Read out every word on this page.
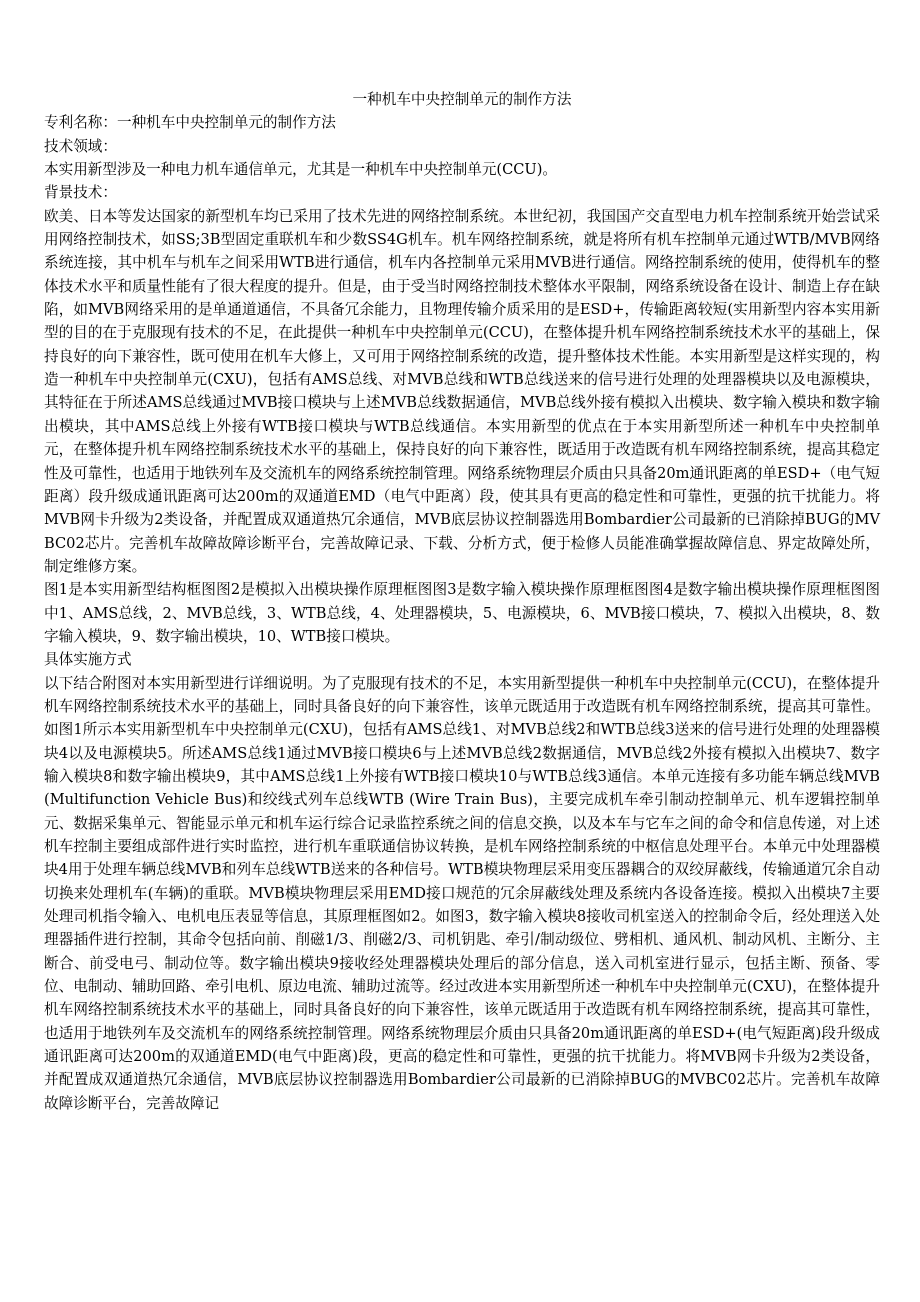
一种机车中央控制单元的制作方法

专利名称：一种机车中央控制单元的制作方法

技术领域：

本实用新型涉及一种电力机车通信单元，尤其是一种机车中央控制单元(CCU)。

背景技术：

欧美、日本等发达国家的新型机车均已采用了技术先进的网络控制系统。本世纪初，我国国产交直型电力机车控制系统开始尝试采用网络控制技术，如SS;3B型固定重联机车和少数SS4G机车。机车网络控制系统，就是将所有机车控制单元通过WTB/MVB网络系统连接，其中机车与机车之间采用WTB进行通信，机车内各控制单元采用MVB进行通信。网络控制系统的使用，使得机车的整体技术水平和质量性能有了很大程度的提升。但是，由于受当时网络控制技术整体水平限制，网络系统设备在设计、制造上存在缺陷，如MVB网络采用的是单通道通信，不具备冗余能力，且物理传输介质采用的是ESD+，传输距离较短(实用新型内容本实用新型的目的在于克服现有技术的不足，在此提供一种机车中央控制单元(CCU)，在整体提升机车网络控制系统技术水平的基础上，保持良好的向下兼容性，既可使用在机车大修上，又可用于网络控制系统的改造，提升整体技术性能。本实用新型是这样实现的，构造一种机车中央控制单元(CXU)，包括有AMS总线、对MVB总线和WTB总线送来的信号进行处理的处理器模块以及电源模块，其特征在于所述AMS总线通过MVB接口模块与上述MVB总线数据通信，MVB总线外接有模拟入出模块、数字输入模块和数字输出模块，其中AMS总线上外接有WTB接口模块与WTB总线通信。本实用新型的优点在于本实用新型所述一种机车中央控制单元，在整体提升机车网络控制系统技术水平的基础上，保持良好的向下兼容性，既适用于改造既有机车网络控制系统，提高其稳定性及可靠性，也适用于地铁列车及交流机车的网络系统控制管理。网络系统物理层介质由只具备20m通讯距离的单ESD+（电气短距离）段升级成通讯距离可达200m的双通道EMD（电气中距离）段，使其具有更高的稳定性和可靠性，更强的抗干扰能力。将MVB网卡升级为2类设备，并配置成双通道热冗余通信，MVB底层协议控制器选用Bombardier公司最新的已消除掉BUG的MVBC02芯片。完善机车故障故障诊断平台，完善故障记录、下载、分析方式，便于检修人员能准确掌握故障信息、界定故障处所，制定维修方案。

图1是本实用新型结构框图图2是模拟入出模块操作原理框图图3是数字输入模块操作原理框图图4是数字输出模块操作原理框图图中1、AMS总线，2、MVB总线，3、WTB总线，4、处理器模块，5、电源模块，6、MVB接口模块，7、模拟入出模块，8、数字输入模块，9、数字输出模块，10、WTB接口模块。

具体实施方式

以下结合附图对本实用新型进行详细说明。为了克服现有技术的不足，本实用新型提供一种机车中央控制单元(CCU)，在整体提升机车网络控制系统技术水平的基础上，同时具备良好的向下兼容性，该单元既适用于改造既有机车网络控制系统，提高其可靠性。如图1所示本实用新型机车中央控制单元(CXU)，包括有AMS总线1、对MVB总线2和WTB总线3送来的信号进行处理的处理器模块4以及电源模块5。所述AMS总线1通过MVB接口模块6与上述MVB总线2数据通信，MVB总线2外接有模拟入出模块7、数字输入模块8和数字输出模块9，其中AMS总线1上外接有WTB接口模块10与WTB总线3通信。本单元连接有多功能车辆总线MVB (Multifunction Vehicle Bus)和绞线式列车总线WTB (Wire Train Bus)，主要完成机车牵引制动控制单元、机车逻辑控制单元、数据采集单元、智能显示单元和机车运行综合记录监控系统之间的信息交换，以及本车与它车之间的命令和信息传递，对上述机车控制主要组成部件进行实时监控，进行机车重联通信协议转换，是机车网络控制系统的中枢信息处理平台。本单元中处理器模块4用于处理车辆总线MVB和列车总线WTB送来的各种信号。WTB模块物理层采用变压器耦合的双绞屏蔽线，传输通道冗余自动切换来处理机车(车辆)的重联。MVB模块物理层采用EMD接口规范的冗余屏蔽线处理及系统内各设备连接。模拟入出模块7主要处理司机指令输入、电机电压表显等信息，其原理框图如2。如图3，数字输入模块8接收司机室送入的控制命令后，经处理送入处理器插件进行控制，其命令包括向前、削磁1/3、削磁2/3、司机钥匙、牵引/制动级位、劈相机、通风机、制动风机、主断分、主断合、前受电弓、制动位等。数字输出模块9接收经处理器模块处理后的部分信息，送入司机室进行显示，包括主断、预备、零位、电制动、辅助回路、牵引电机、原边电流、辅助过流等。经过改进本实用新型所述一种机车中央控制单元(CXU)，在整体提升机车网络控制系统技术水平的基础上，同时具备良好的向下兼容性，该单元既适用于改造既有机车网络控制系统，提高其可靠性，也适用于地铁列车及交流机车的网络系统控制管理。网络系统物理层介质由只具备20m通讯距离的单ESD+(电气短距离)段升级成通讯距离可达200m的双通道EMD(电气中距离)段，更高的稳定性和可靠性，更强的抗干扰能力。将MVB网卡升级为2类设备，并配置成双通道热冗余通信，MVB底层协议控制器选用Bombardier公司最新的已消除掉BUG的MVBC02芯片。完善机车故障故障诊断平台，完善故障记
